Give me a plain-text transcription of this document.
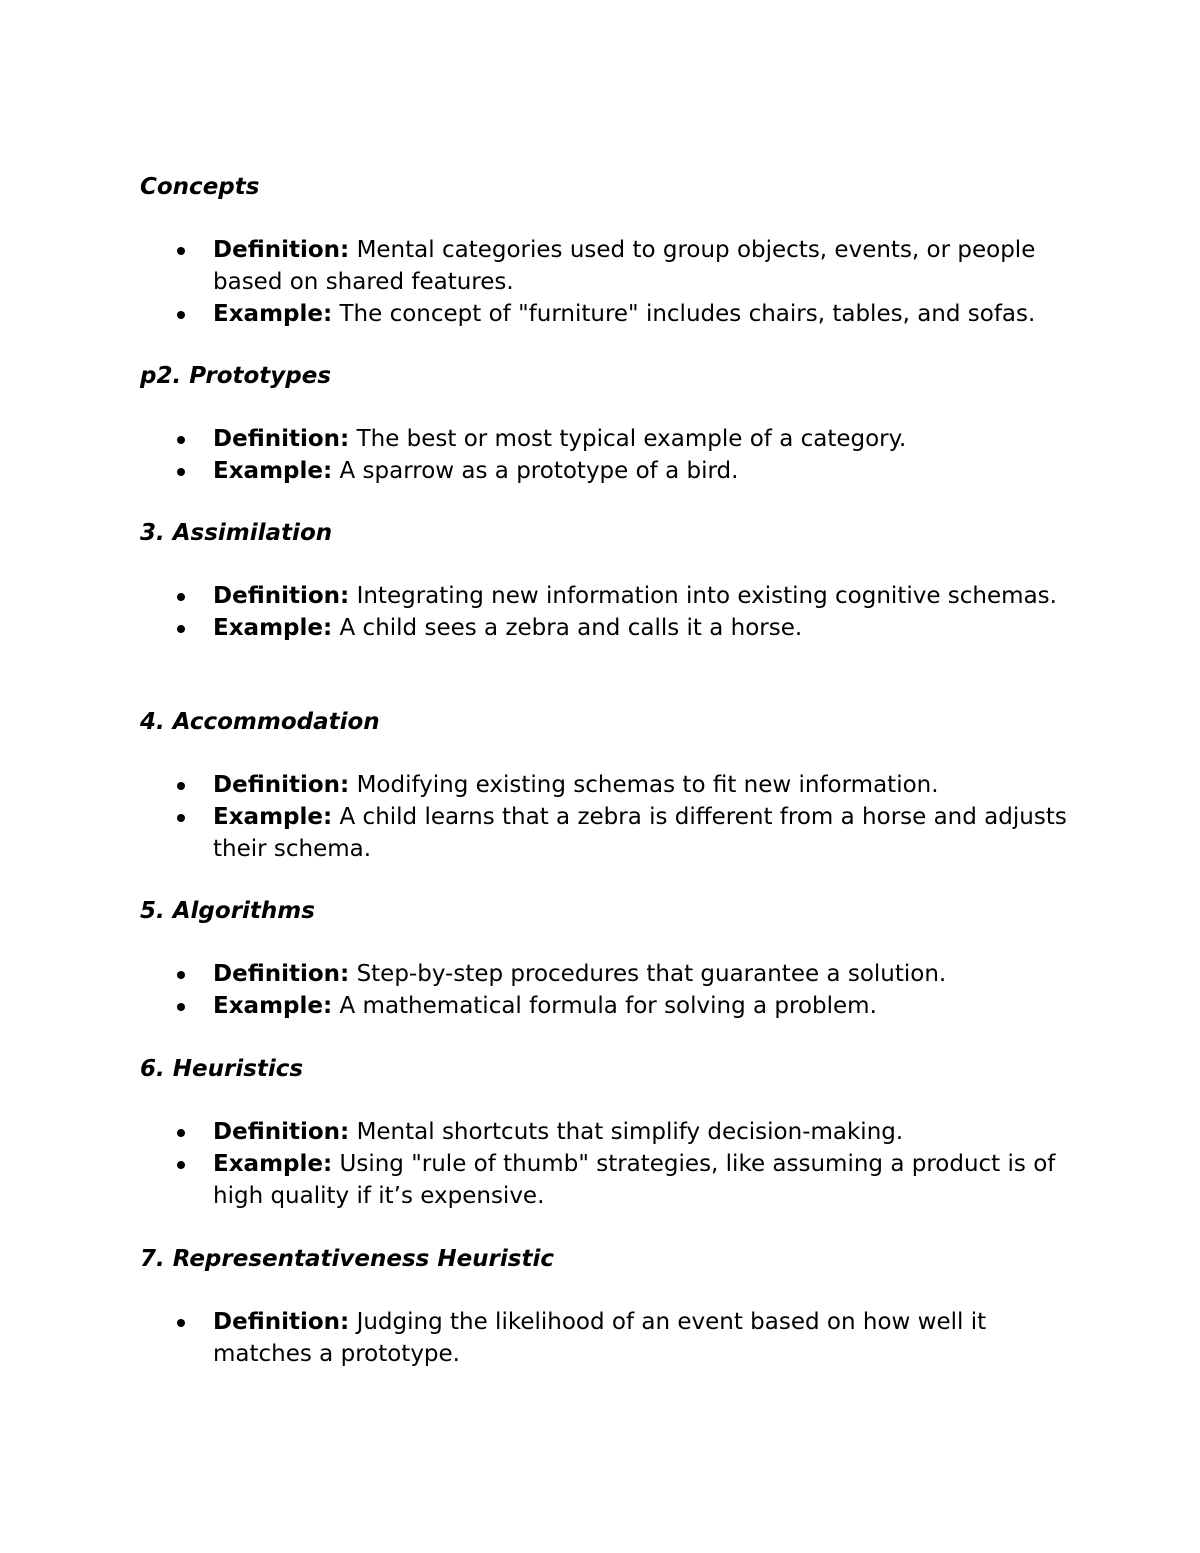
Concepts
Definition: Mental categories used to group objects, events, or people based on shared features.
Example: The concept of "furniture" includes chairs, tables, and sofas.
p2. Prototypes
Definition: The best or most typical example of a category.
Example: A sparrow as a prototype of a bird.
3. Assimilation
Definition: Integrating new information into existing cognitive schemas.
Example: A child sees a zebra and calls it a horse.
4. Accommodation
Definition: Modifying existing schemas to fit new information.
Example: A child learns that a zebra is different from a horse and adjusts their schema.
5. Algorithms
Definition: Step-by-step procedures that guarantee a solution.
Example: A mathematical formula for solving a problem.
6. Heuristics
Definition: Mental shortcuts that simplify decision-making.
Example: Using "rule of thumb" strategies, like assuming a product is of high quality if it’s expensive.
7. Representativeness Heuristic
Definition: Judging the likelihood of an event based on how well it matches a prototype.
